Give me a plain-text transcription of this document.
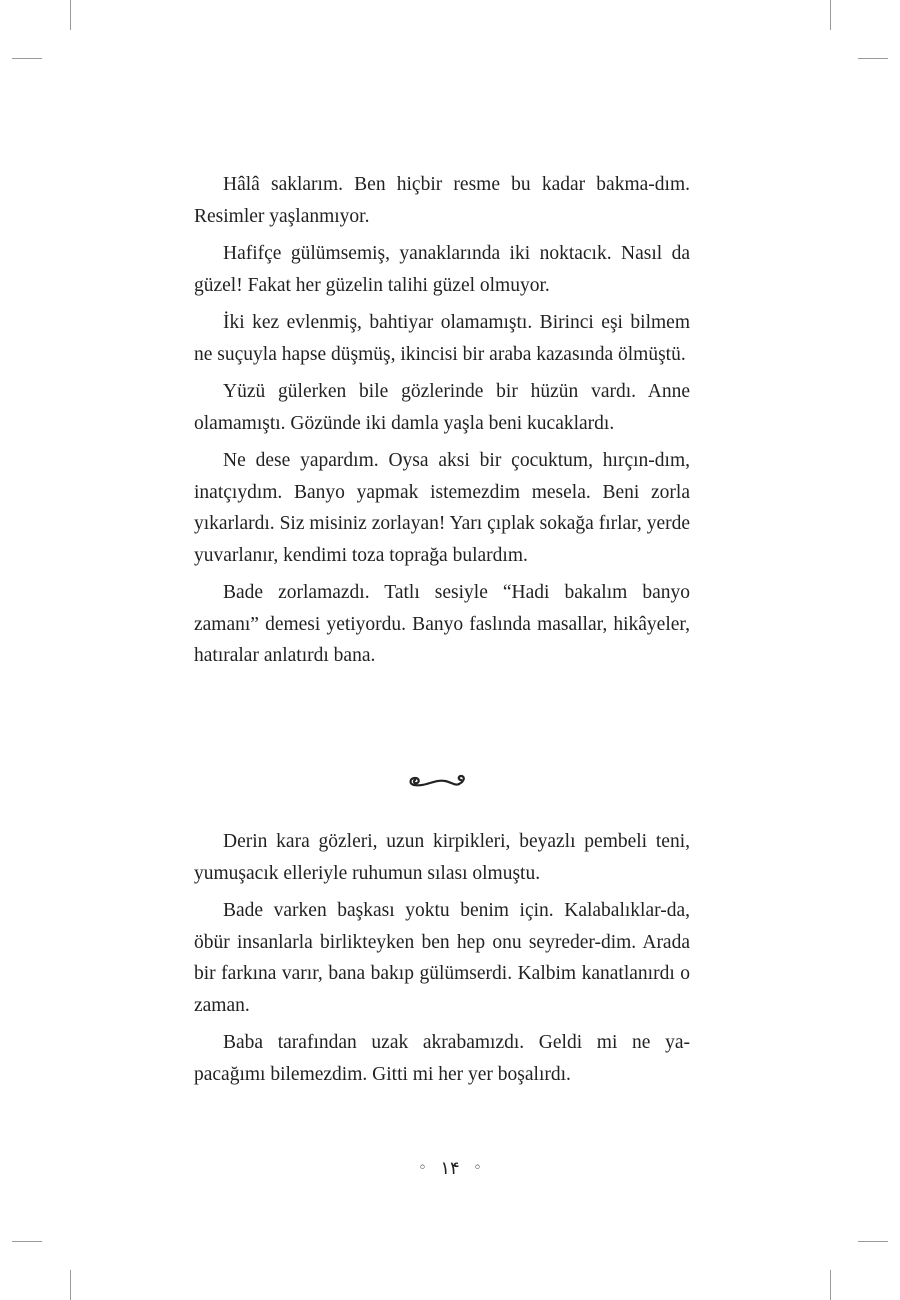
Hâlâ saklarım. Ben hiçbir resme bu kadar bakma-dım. Resimler yaşlanmıyor.

Hafifçe gülümsemiş, yanaklarında iki noktacık. Nasıl da güzel! Fakat her güzelin talihi güzel olmuyor.

İki kez evlenmiş, bahtiyar olamamıştı. Birinci eşi bilmem ne suçuyla hapse düşmüş, ikincisi bir araba kazasında ölmüştü.

Yüzü gülerken bile gözlerinde bir hüzün vardı. Anne olamamıştı. Gözünde iki damla yaşla beni kucaklardı.

Ne dese yapardım. Oysa aksi bir çocuktum, hırçın-dım, inatçıydım. Banyo yapmak istemezdim mesela. Beni zorla yıkarlardı. Siz misiniz zorlayan! Yarı çıplak sokağa fırlar, yerde yuvarlanır, kendimi toza toprağa bulardım.

Bade zorlamazdı. Tatlı sesiyle “Hadi bakalım banyo zamanı” demesi yetiyordu. Banyo faslında masallar, hikâyeler, hatıralar anlatırdı bana.

Derin kara gözleri, uzun kirpikleri, beyazlı pembeli teni, yumuşacık elleriyle ruhumun sılası olmuştu.

Bade varken başkası yoktu benim için. Kalabalıklar-da, öbür insanlarla birlikteyken ben hep onu seyreder-dim. Arada bir farkına varır, bana bakıp gülümserdi. Kalbim kanatlanırdı o zaman.

Baba tarafından uzak akrabamızdı. Geldi mi ne ya-pacağımı bilemezdim. Gitti mi her yer boşalırdı.

◦ ۱۴ ◦
